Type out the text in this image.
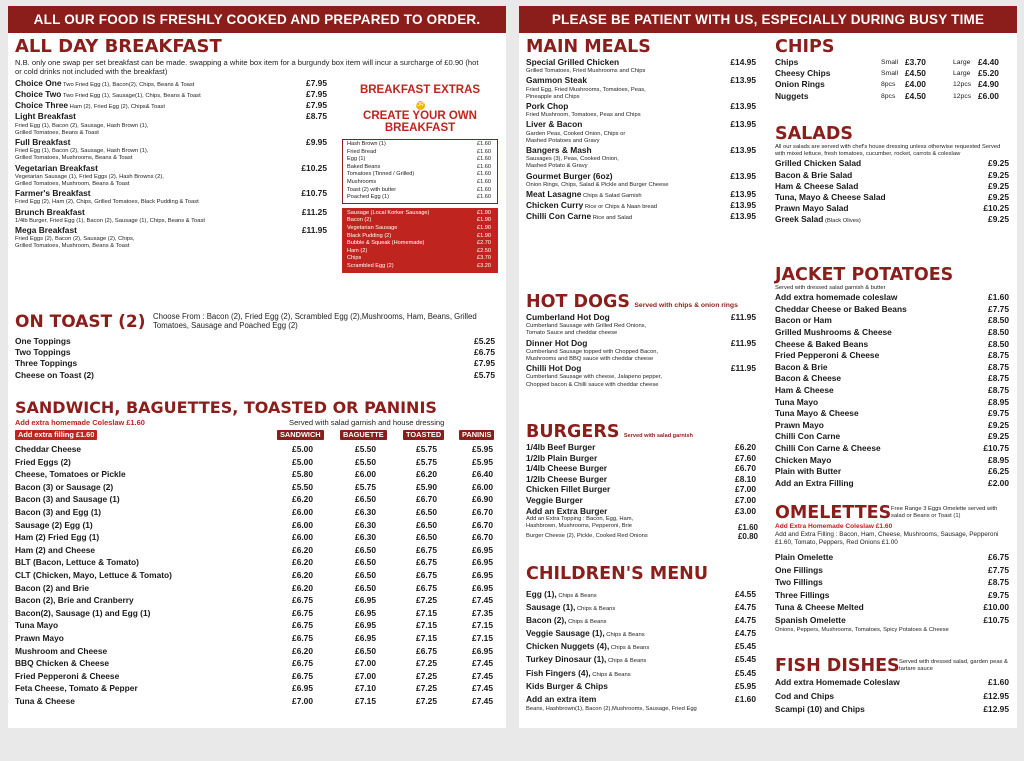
ALL OUR FOOD IS FRESHLY COOKED AND PREPARED TO ORDER.
ALL DAY BREAKFAST
N.B. only one swap per set breakfast can be made. swapping a white box item for a burgundy box item will incur a surcharge of £0.90 (hot or cold drinks not included with the breakfast)
Choice One Two Fried Egg (1), Bacon(2), Chips, Beans & Toast	£7.95
Choice Two Two Fried Egg (1), Sausage(1), Chips, Beans & Toast	£7.95
Choice Three Ham (2), Fried Egg (2), Chips& Toast	£7.95
Light Breakfast	£8.75
Fried Egg (1), Bacon (2), Sausage, Hash Brown (1),
Grilled Tomatoes, Beans & Toast
Full Breakfast	£9.95
Fried Egg (1), Bacon (2), Sausage, Hash Brown (1),
Grilled Tomatoes, Mushrooms, Beans & Toast
Vegetarian Breakfast	£10.25
Vegetarian Sausage (1), Fried Eggs (2), Hash Browns (2),
Grilled Tomatoes, Mushroom, Beans & Toast
Farmer's Breakfast	£10.75
Fried Egg (2), Ham (2), Chips, Grilled Tomatoes, Black Pudding & Toast
Brunch Breakfast	£11.25
1/4lb Burger, Fried Egg (1), Bacon (2), Sausage (1), Chips, Beans & Toast
Mega Breakfast	£11.95
Fried Eggs (2), Bacon (2), Sausage (2), Chips,
Grilled Tomatoes, Mushroom, Beans & Toast
BREAKFAST EXTRAS
OR
CREATE YOUR OWN BREAKFAST
Hash Brown (1)	£1.60
Fried Bread	£1.60
Egg (1)	£1.60
Baked Beans	£1.60
Tomatoes (Tinned / Grilled)	£1.60
Mushrooms	£1.60
Toast (2) with butter	£1.60
Poached Egg (1)	£1.60
Sausage (Local Korker Sausage)	£1.90
Bacon (2)	£1.90
Vegetarian Sausage	£1.90
Black Pudding (2)	£1.90
Bubble & Squeak (Homemade)	£2.70
Ham (2)	£2.50
Chips	£3.70
Scrambled Egg (2)	£3.20
ON TOAST (2) Choose From : Bacon (2), Fried Egg (2), Scrambled Egg (2),Mushrooms, Ham, Beans, Grilled Tomatoes, Sausage and Poached Egg (2)
One Toppings	£5.25
Two Toppings	£6.75
Three Toppings	£7.95
Cheese on Toast (2)	£5.75
SANDWICH, BAGUETTES, TOASTED OR PANINIS
Add extra homemade Coleslaw £1.60	Served with salad garnish and house dressing
Add extra filling £1.60	SANDWICH	BAGUETTE	TOASTED	PANINIS
Cheddar Cheese	£5.00	£5.50	£5.75	£5.95
Fried Eggs (2)	£5.00	£5.50	£5.75	£5.95
Cheese, Tomatoes or Pickle	£5.80	£6.00	£6.20	£6.40
Bacon (3) or Sausage (2)	£5.50	£5.75	£5.90	£6.00
Bacon (3) and Sausage (1)	£6.20	£6.50	£6.70	£6.90
Bacon (3) and Egg (1)	£6.00	£6.30	£6.50	£6.70
Sausage (2) Egg (1)	£6.00	£6.30	£6.50	£6.70
Ham (2) Fried Egg (1)	£6.00	£6.30	£6.50	£6.70
Ham (2) and Cheese	£6.20	£6.50	£6.75	£6.95
BLT (Bacon, Lettuce & Tomato)	£6.20	£6.50	£6.75	£6.95
CLT (Chicken, Mayo, Lettuce & Tomato)	£6.20	£6.50	£6.75	£6.95
Bacon (2) and Brie	£6.20	£6.50	£6.75	£6.95
Bacon (2), Brie and Cranberry	£6.75	£6.95	£7.25	£7.45
Bacon(2), Sausage (1) and Egg (1)	£6.75	£6.95	£7.15	£7.35
Tuna Mayo	£6.75	£6.95	£7.15	£7.15
Prawn Mayo	£6.75	£6.95	£7.15	£7.15
Mushroom and Cheese	£6.20	£6.50	£6.75	£6.95
BBQ Chicken & Cheese	£6.75	£7.00	£7.25	£7.45
Fried Pepperoni & Cheese	£6.75	£7.00	£7.25	£7.45
Feta Cheese, Tomato & Pepper	£6.95	£7.10	£7.25	£7.45
Tuna & Cheese	£7.00	£7.15	£7.25	£7.45
PLEASE BE PATIENT WITH US, ESPECIALLY DURING BUSY TIME
MAIN MEALS
Special Grilled Chicken	£14.95
Grilled Tomatoes, Fried Mushrooms and Chips
Gammon Steak	£13.95
Fried Egg, Fried Mushrooms, Tomatoes, Peas,
Pineapple and Chips
Pork Chop	£13.95
Fried Mushroom, Tomatoes, Peas and Chips
Liver & Bacon	£13.95
Garden Peas, Cooked Onion, Chips or
Mashed Potatoes and Gravy
Bangers & Mash	£13.95
Sausages (3), Peas, Cooked Onion,
Mashed Potato & Gravy
Gourmet Burger (6oz)	£13.95
Onion Rings, Chips, Salad & Pickle and Burger Cheese
Meat Lasagne Chips & Salad Garnish	£13.95
Chicken Curry Rice or Chips & Naan bread	£13.95
Chilli Con Carne Rice and Salad	£13.95
HOT DOGS Served with chips & onion rings
Cumberland Hot Dog	£11.95
Cumberland Sausage with Grilled Red Onions,
Tomato Sauce and cheddar cheese
Dinner Hot Dog	£11.95
Cumberland Sausage topped with Chopped Bacon,
Mushrooms and BBQ sauce with cheddar cheese
Chilli Hot Dog	£11.95
Cumberland Sausage with cheese, Jalapeno pepper,
Chopped bacon & Chilli sauce with cheddar cheese
BURGERS Served with salad garnish
1/4lb Beef Burger	£6.20
1/2lb Plain Burger	£7.60
1/4lb Cheese Burger	£6.70
1/2lb Cheese Burger	£8.10
Chicken Fillet Burger	£7.00
Veggie Burger	£7.00
Add an Extra Burger	£3.00
Add an Extra Topping : Bacon, Egg, Ham,
Hashbrown, Mushrooms, Pepperoni, Brie	£1.60
Burger Cheese (2), Pickle, Cooked Red Onions	£0.80
CHILDREN'S MENU
Egg (1), Chips & Beans	£4.55
Sausage (1), Chips & Beans	£4.75
Bacon (2), Chips & Beans	£4.75
Veggie Sausage (1), Chips & Beans	£4.75
Chicken Nuggets (4), Chips & Beans	£5.45
Turkey Dinosaur (1), Chips & Beans	£5.45
Fish Fingers (4), Chips & Beans	£5.45
Kids Burger & Chips	£5.95
Add an extra item	£1.60
Beans, Hashbrown(1), Bacon (2),Mushrooms, Sausage, Fried Egg
CHIPS
Chips	Small £3.70	Large £4.40
Cheesy Chips	Small £4.50	Large £5.20
Onion Rings	8pcs £4.00	12pcs £4.90
Nuggets	8pcs £4.50	12pcs £6.00
SALADS
All our salads are served with chef's house dressing unless otherwise requested Served with mixed lettuce, fresh tomatoes, cucumber, rocket, carrots & coleslaw
Grilled Chicken Salad	£9.25
Bacon & Brie Salad	£9.25
Ham & Cheese Salad	£9.25
Tuna, Mayo & Cheese Salad	£9.25
Prawn Mayo Salad	£10.25
Greek Salad (Black Olives)	£9.25
JACKET POTATOES
Served with dressed salad garnish & butter
Add extra homemade coleslaw	£1.60
Cheddar Cheese or Baked Beans	£7.75
Bacon or Ham	£8.50
Grilled Mushrooms & Cheese	£8.50
Cheese & Baked Beans	£8.50
Fried Pepperoni & Cheese	£8.75
Bacon & Brie	£8.75
Bacon & Cheese	£8.75
Ham & Cheese	£8.75
Tuna Mayo	£8.95
Tuna Mayo & Cheese	£9.75
Prawn Mayo	£9.25
Chilli Con Carne	£9.25
Chilli Con Carne & Cheese	£10.75
Chicken Mayo	£8.95
Plain with Butter	£6.25
Add an Extra Filling	£2.00
OMELETTES Free Range 3 Eggs Omelette served with salad or Beans or Toast (1)
Add Extra Homemade Coleslaw £1.60
Add and Extra Filling : Bacon, Ham, Cheese, Mushrooms, Sausage, Pepperoni £1.60, Tomato, Peppers, Red Onions £1.00
Plain Omelette	£6.75
One Fillings	£7.75
Two Fillings	£8.75
Three Fillings	£9.75
Tuna & Cheese Melted	£10.00
Spanish Omelette	£10.75
Onions, Peppers, Mushrooms, Tomatoes, Spicy Potatoes & Cheese
FISH DISHES Served with dressed salad, garden peas & tartare sauce
Add extra Homemade Coleslaw	£1.60
Cod and Chips	£12.95
Scampi (10) and Chips	£12.95
